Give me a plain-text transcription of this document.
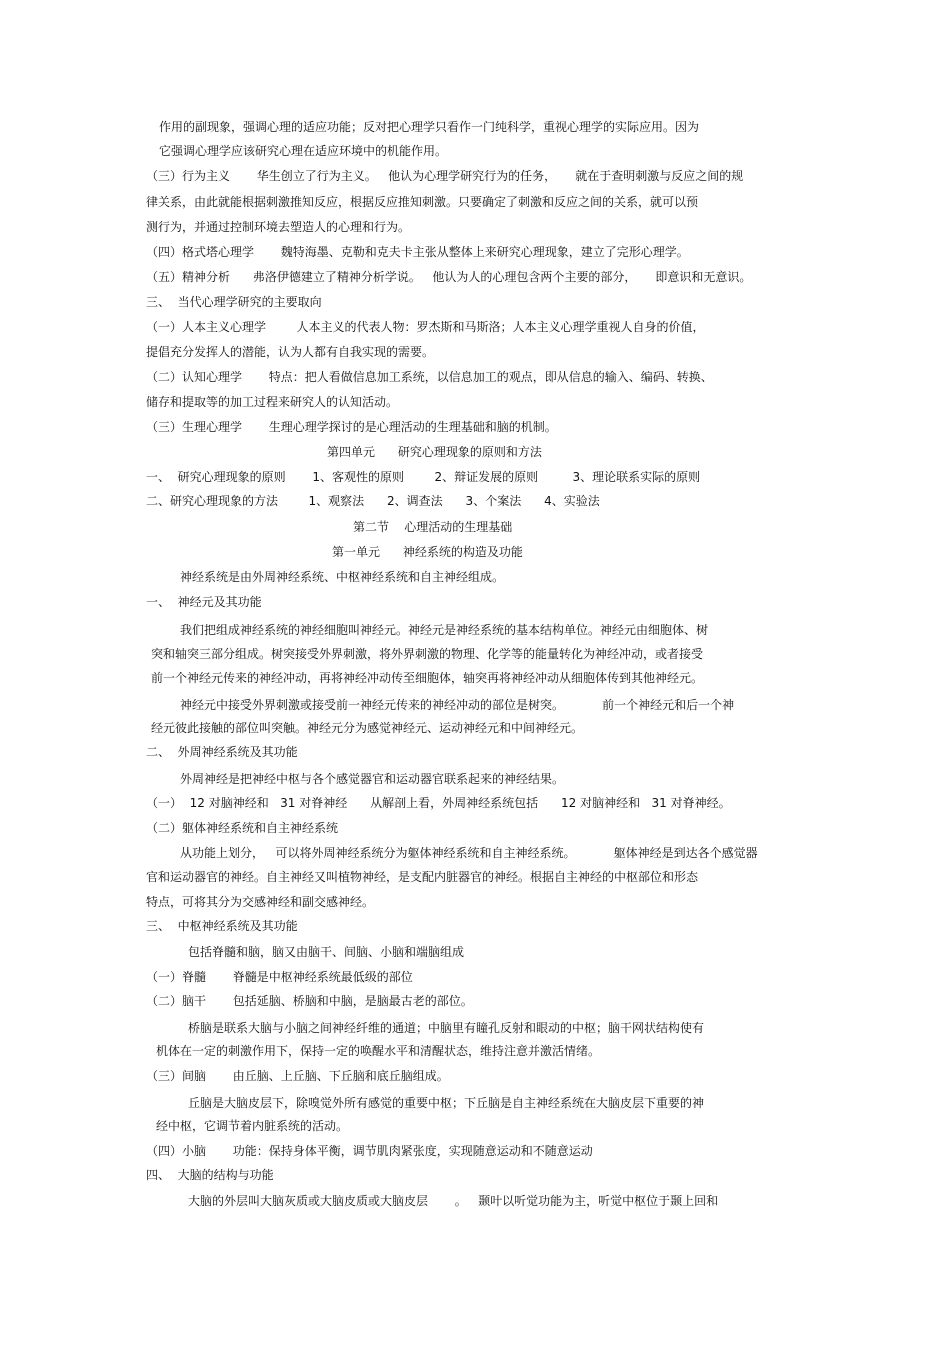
作用的副现象，强调心理的适应功能；反对把心理学只看作一门纯科学，重视心理学的实际应用。因为
它强调心理学应该研究心理在适应环境中的机能作用。
（三）行为主义       华生创立了行为主义。   他认为心理学研究行为的任务，     就在于查明刺激与反应之间的规
律关系，由此就能根据刺激推知反应，根据反应推知刺激。只要确定了刺激和反应之间的关系，就可以预
测行为，并通过控制环境去塑造人的心理和行为。
（四）格式塔心理学       魏特海墨、克勒和克夫卡主张从整体上来研究心理现象，建立了完形心理学。
（五）精神分析      弗洛伊德建立了精神分析学说。   他认为人的心理包含两个主要的部分，     即意识和无意识。
三、  当代心理学研究的主要取向
（一）人本主义心理学        人本主义的代表人物：罗杰斯和马斯洛；人本主义心理学重视人自身的价值，
提倡充分发挥人的潜能，认为人都有自我实现的需要。
（二）认知心理学       特点：把人看做信息加工系统，以信息加工的观点，即从信息的输入、编码、转换、
储存和提取等的加工过程来研究人的认知活动。
（三）生理心理学       生理心理学探讨的是心理活动的生理基础和脑的机制。
第四单元      研究心理现象的原则和方法
一、  研究心理现象的原则       1、客观性的原则        2、辩证发展的原则         3、理论联系实际的原则
二、研究心理现象的方法        1、观察法      2、调查法      3、个案法      4、实验法
第二节    心理活动的生理基础
第一单元      神经系统的构造及功能
神经系统是由外周神经系统、中枢神经系统和自主神经组成。
一、  神经元及其功能
我们把组成神经系统的神经细胞叫神经元。神经元是神经系统的基本结构单位。神经元由细胞体、树
突和轴突三部分组成。树突接受外界刺激，将外界刺激的物理、化学等的能量转化为神经冲动，或者接受
前一个神经元传来的神经冲动，再将神经冲动传至细胞体，轴突再将神经冲动从细胞体传到其他神经元。
神经元中接受外界刺激或接受前一神经元传来的神经冲动的部位是树突。          前一个神经元和后一个神
经元彼此接触的部位叫突触。神经元分为感觉神经元、运动神经元和中间神经元。
二、  外周神经系统及其功能
外周神经是把神经中枢与各个感觉器官和运动器官联系起来的神经结果。
（一）  12 对脑神经和   31 对脊神经      从解剖上看，外周神经系统包括      12 对脑神经和   31 对脊神经。
（二）躯体神经系统和自主神经系统
从功能上划分，   可以将外周神经系统分为躯体神经系统和自主神经系统。          躯体神经是到达各个感觉器
官和运动器官的神经。自主神经又叫植物神经，是支配内脏器官的神经。根据自主神经的中枢部位和形态
特点，可将其分为交感神经和副交感神经。
三、  中枢神经系统及其功能
包括脊髓和脑，脑又由脑干、间脑、小脑和端脑组成
（一）脊髓       脊髓是中枢神经系统最低级的部位
（二）脑干       包括延脑、桥脑和中脑，是脑最古老的部位。
桥脑是联系大脑与小脑之间神经纤维的通道；中脑里有瞳孔反射和眼动的中枢；脑干网状结构使有
机体在一定的刺激作用下，保持一定的唤醒水平和清醒状态，维持注意并激活情绪。
（三）间脑       由丘脑、上丘脑、下丘脑和底丘脑组成。
丘脑是大脑皮层下，除嗅觉外所有感觉的重要中枢；下丘脑是自主神经系统在大脑皮层下重要的神
经中枢，它调节着内脏系统的活动。
（四）小脑       功能：保持身体平衡，调节肌肉紧张度，实现随意运动和不随意运动
四、  大脑的结构与功能
大脑的外层叫大脑灰质或大脑皮质或大脑皮层       。   颞叶以听觉功能为主，听觉中枢位于颞上回和
